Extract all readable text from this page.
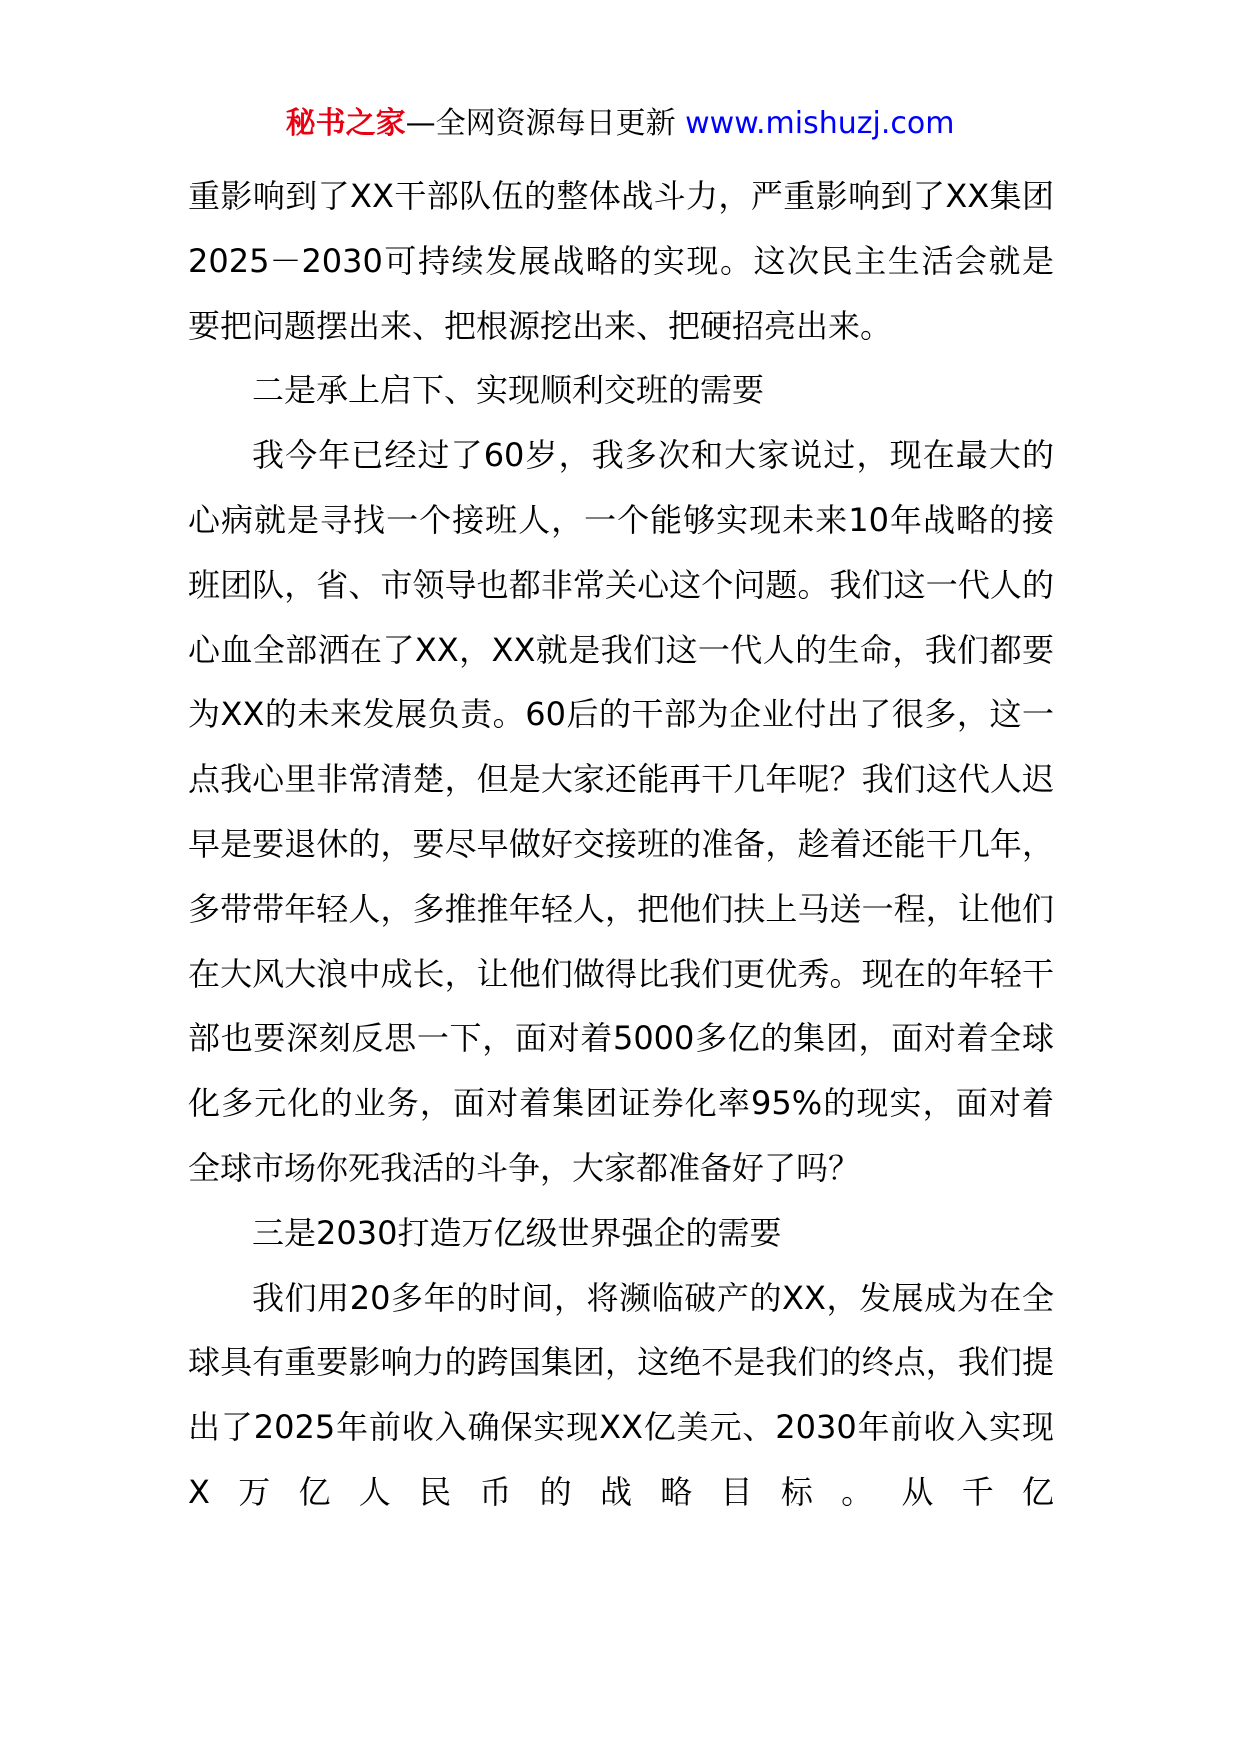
秘书之家—全网资源每日更新 www.mishuzj.com

重影响到了XX干部队伍的整体战斗力，严重影响到了XX集团2025－2030可持续发展战略的实现。这次民主生活会就是要把问题摆出来、把根源挖出来、把硬招亮出来。

二是承上启下、实现顺利交班的需要

我今年已经过了60岁，我多次和大家说过，现在最大的心病就是寻找一个接班人，一个能够实现未来10年战略的接班团队，省、市领导也都非常关心这个问题。我们这一代人的心血全部洒在了XX，XX就是我们这一代人的生命，我们都要为XX的未来发展负责。60后的干部为企业付出了很多，这一点我心里非常清楚，但是大家还能再干几年呢？我们这代人迟早是要退休的，要尽早做好交接班的准备，趁着还能干几年，多带带年轻人，多推推年轻人，把他们扶上马送一程，让他们在大风大浪中成长，让他们做得比我们更优秀。现在的年轻干部也要深刻反思一下，面对着5000多亿的集团，面对着全球化多元化的业务，面对着集团证券化率95%的现实，面对着全球市场你死我活的斗争，大家都准备好了吗？

三是2030打造万亿级世界强企的需要

我们用20多年的时间，将濒临破产的XX，发展成为在全球具有重要影响力的跨国集团，这绝不是我们的终点，我们提出了2025年前收入确保实现XX亿美元、2030年前收入实现X万亿人民币的战略目标。从千亿
